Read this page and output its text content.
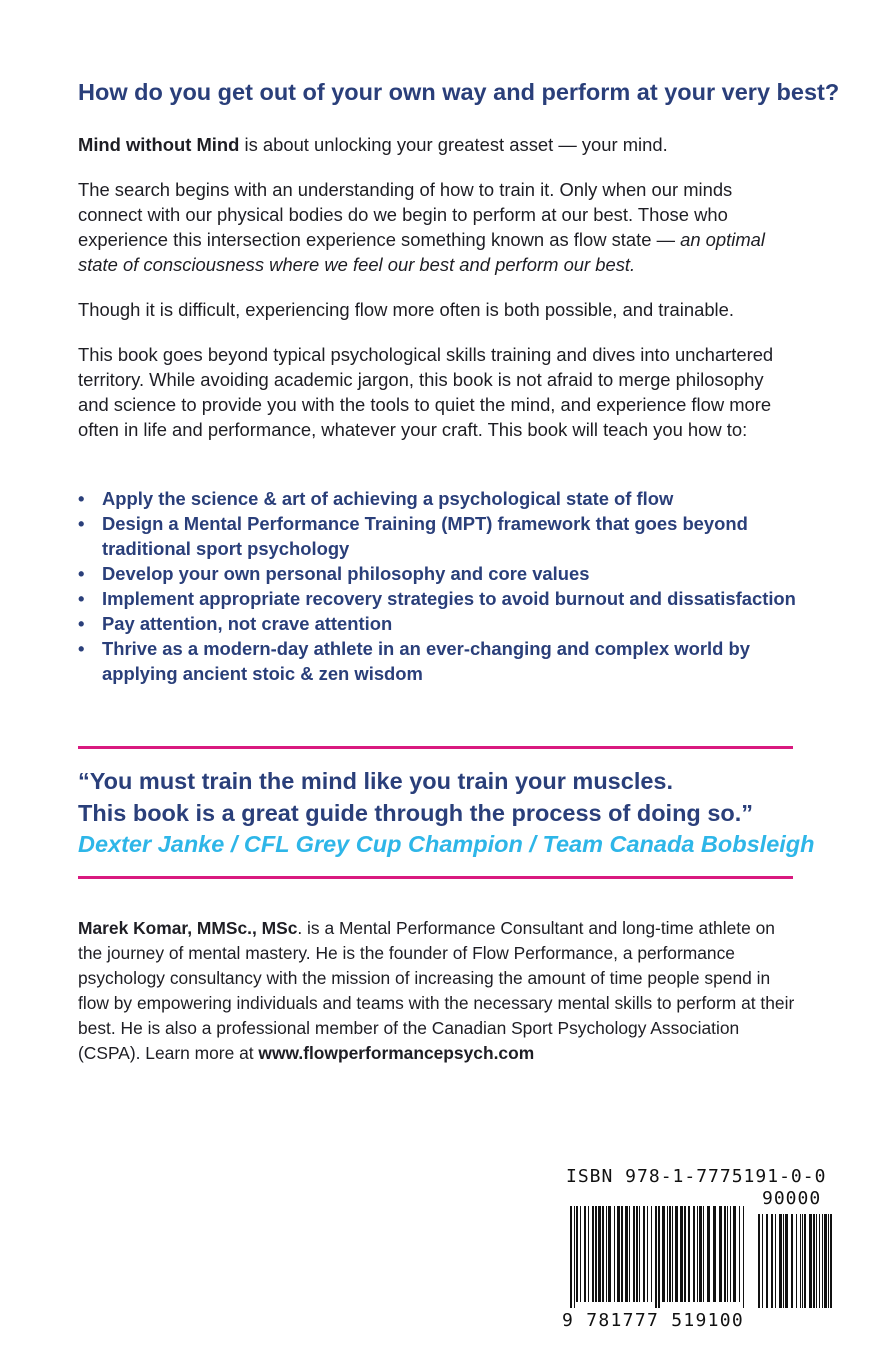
How do you get out of your own way and perform at your very best?

Mind without Mind is about unlocking your greatest asset — your mind.

The search begins with an understanding of how to train it. Only when our minds connect with our physical bodies do we begin to perform at our best. Those who experience this intersection experience something known as flow state — an optimal state of consciousness where we feel our best and perform our best.

Though it is difficult, experiencing flow more often is both possible, and trainable.

This book goes beyond typical psychological skills training and dives into unchartered territory. While avoiding academic jargon, this book is not afraid to merge philosophy and science to provide you with the tools to quiet the mind, and experience flow more often in life and performance, whatever your craft. This book will teach you how to:

• Apply the science & art of achieving a psychological state of flow
• Design a Mental Performance Training (MPT) framework that goes beyond traditional sport psychology
• Develop your own personal philosophy and core values
• Implement appropriate recovery strategies to avoid burnout and dissatisfaction
• Pay attention, not crave attention
• Thrive as a modern-day athlete in an ever-changing and complex world by applying ancient stoic & zen wisdom
“You must train the mind like you train your muscles.
This book is a great guide through the process of doing so.”
Dexter Janke / CFL Grey Cup Champion / Team Canada Bobsleigh

Marek Komar, MMSc., MSc. is a Mental Performance Consultant and long-time athlete on the journey of mental mastery. He is the founder of Flow Performance, a performance psychology consultancy with the mission of increasing the amount of time people spend in flow by empowering individuals and teams with the necessary mental skills to perform at their best. He is also a professional member of the Canadian Sport Psychology Association (CSPA). Learn more at www.flowperformancepsych.com

ISBN 978-1-7775191-0-0
90000
9 781777 519100
